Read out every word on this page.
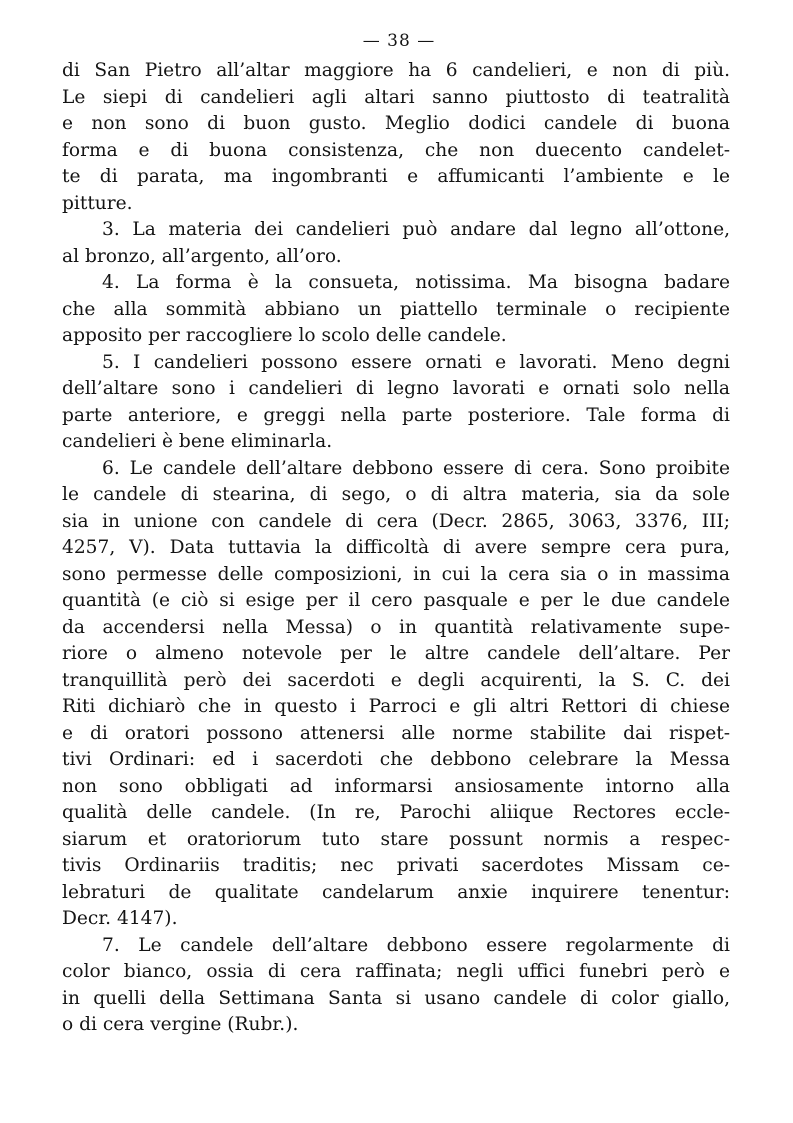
— 38 —
di San Pietro all’altar maggiore ha 6 candelieri, e non di più.
Le siepi di candelieri agli altari sanno piuttosto di teatralità
e non sono di buon gusto. Meglio dodici candele di buona
forma e di buona consistenza, che non duecento candelet-
te di parata, ma ingombranti e affumicanti l’ambiente e le
pitture.
3. La materia dei candelieri può andare dal legno all’ottone,
al bronzo, all’argento, all’oro.
4. La forma è la consueta, notissima. Ma bisogna badare
che alla sommità abbiano un piattello terminale o recipiente
apposito per raccogliere lo scolo delle candele.
5. I candelieri possono essere ornati e lavorati. Meno degni
dell’altare sono i candelieri di legno lavorati e ornati solo nella
parte anteriore, e greggi nella parte posteriore. Tale forma di
candelieri è bene eliminarla.
6. Le candele dell’altare debbono essere di cera. Sono proibite
le candele di stearina, di sego, o di altra materia, sia da sole
sia in unione con candele di cera (Decr. 2865, 3063, 3376, III;
4257, V). Data tuttavia la difficoltà di avere sempre cera pura,
sono permesse delle composizioni, in cui la cera sia o in massima
quantità (e ciò si esige per il cero pasquale e per le due candele
da accendersi nella Messa) o in quantità relativamente supe-
riore o almeno notevole per le altre candele dell’altare. Per
tranquillità però dei sacerdoti e degli acquirenti, la S. C. dei
Riti dichiarò che in questo i Parroci e gli altri Rettori di chiese
e di oratori possono attenersi alle norme stabilite dai rispet-
tivi Ordinari: ed i sacerdoti che debbono celebrare la Messa
non sono obbligati ad informarsi ansiosamente intorno alla
qualità delle candele. (In re, Parochi aliique Rectores eccle-
siarum et oratoriorum tuto stare possunt normis a respec-
tivis Ordinariis traditis; nec privati sacerdotes Missam ce-
lebraturi de qualitate candelarum anxie inquirere tenentur:
Decr. 4147).
7. Le candele dell’altare debbono essere regolarmente di
color bianco, ossia di cera raffinata; negli uffici funebri però e
in quelli della Settimana Santa si usano candele di color giallo,
o di cera vergine (Rubr.).
